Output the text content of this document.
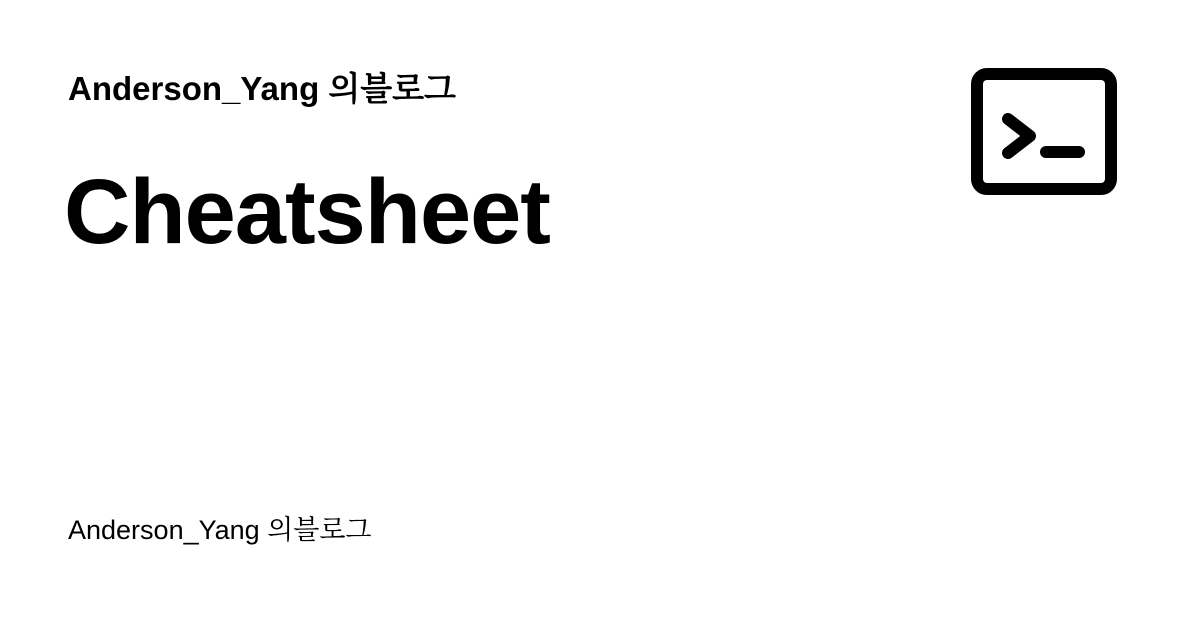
Anderson_Yang 의블로그
Cheatsheet
Anderson_Yang 의블로그
